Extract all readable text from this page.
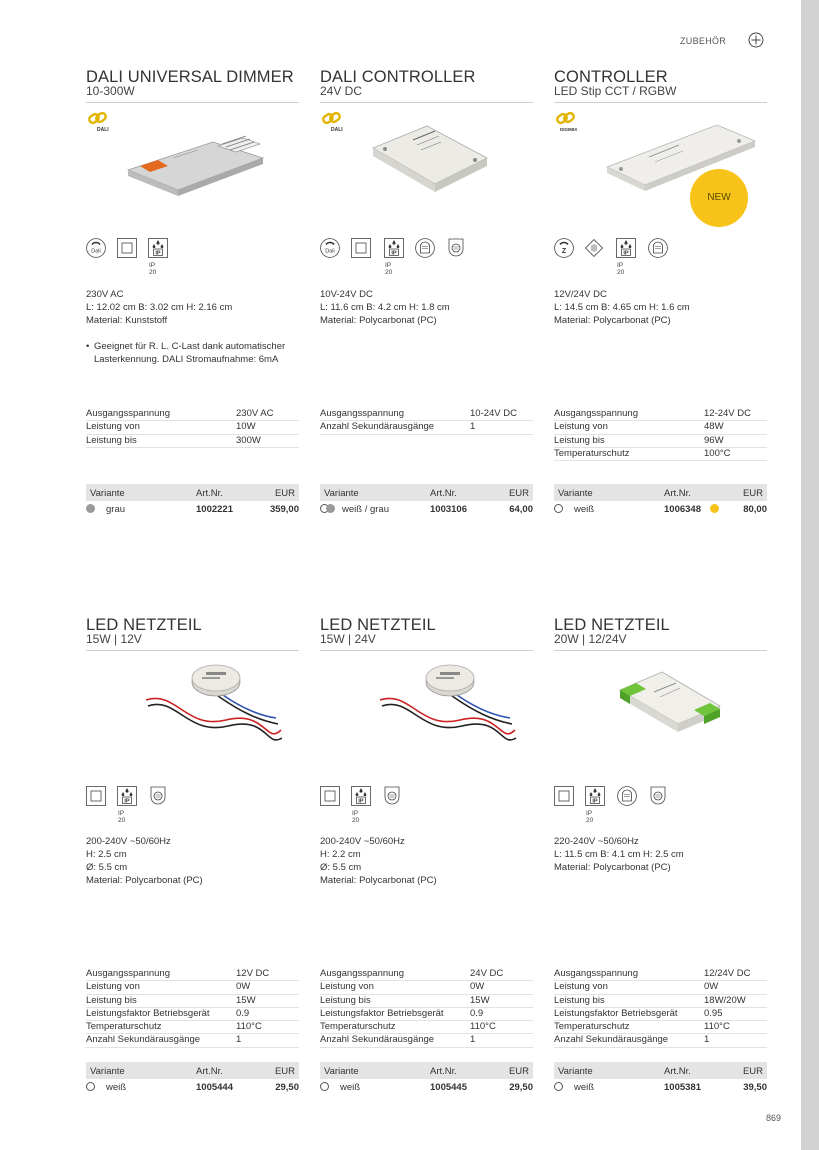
ZUBEHÖR
DALI UNIVERSAL DIMMER
10-300W
DALI
IP 20
230V AC
L: 12.02 cm B: 3.02 cm H: 2.16 cm
Material: Kunststoff
• Geeignet für R. L. C-Last dank automatischer Lasterkennung. DALI Stromaufnahme: 6mA
Ausgangsspannung	230V AC
Leistung von	10W
Leistung bis	300W
Variante	Art.Nr.	EUR
grau	1002221	359,00
DALI CONTROLLER
24V DC
DALI
IP 20
10V-24V DC
L: 11.6 cm B: 4.2 cm H: 1.8 cm
Material: Polycarbonat (PC)
Ausgangsspannung	10-24V DC
Anzahl Sekundärausgänge	1
Variante	Art.Nr.	EUR
weiß / grau	1003106	64,00
CONTROLLER
LED Stip CCT / RGBW
DIGIMIX
NEW
IP 20
12V/24V DC
L: 14.5 cm B: 4.65 cm H: 1.6 cm
Material: Polycarbonat (PC)
Ausgangsspannung	12-24V DC
Leistung von	48W
Leistung bis	96W
Temperaturschutz	100°C
Variante	Art.Nr.	EUR
weiß	1006348	80,00
LED NETZTEIL
15W | 12V
IP 20
200-240V ~50/60Hz
H: 2.5 cm
Ø: 5.5 cm
Material: Polycarbonat (PC)
Ausgangsspannung	12V DC
Leistung von	0W
Leistung bis	15W
Leistungsfaktor Betriebsgerät	0.9
Temperaturschutz	110°C
Anzahl Sekundärausgänge	1
Variante	Art.Nr.	EUR
weiß	1005444	29,50
LED NETZTEIL
15W | 24V
IP 20
200-240V ~50/60Hz
H: 2.2 cm
Ø: 5.5 cm
Material: Polycarbonat (PC)
Ausgangsspannung	24V DC
Leistung von	0W
Leistung bis	15W
Leistungsfaktor Betriebsgerät	0.9
Temperaturschutz	110°C
Anzahl Sekundärausgänge	1
Variante	Art.Nr.	EUR
weiß	1005445	29,50
LED NETZTEIL
20W | 12/24V
IP 20
220-240V ~50/60Hz
L: 11.5 cm B: 4.1 cm H: 2.5 cm
Material: Polycarbonat (PC)
Ausgangsspannung	12/24V DC
Leistung von	0W
Leistung bis	18W/20W
Leistungsfaktor Betriebsgerät	0.95
Temperaturschutz	110°C
Anzahl Sekundärausgänge	1
Variante	Art.Nr.	EUR
weiß	1005381	39,50
869
